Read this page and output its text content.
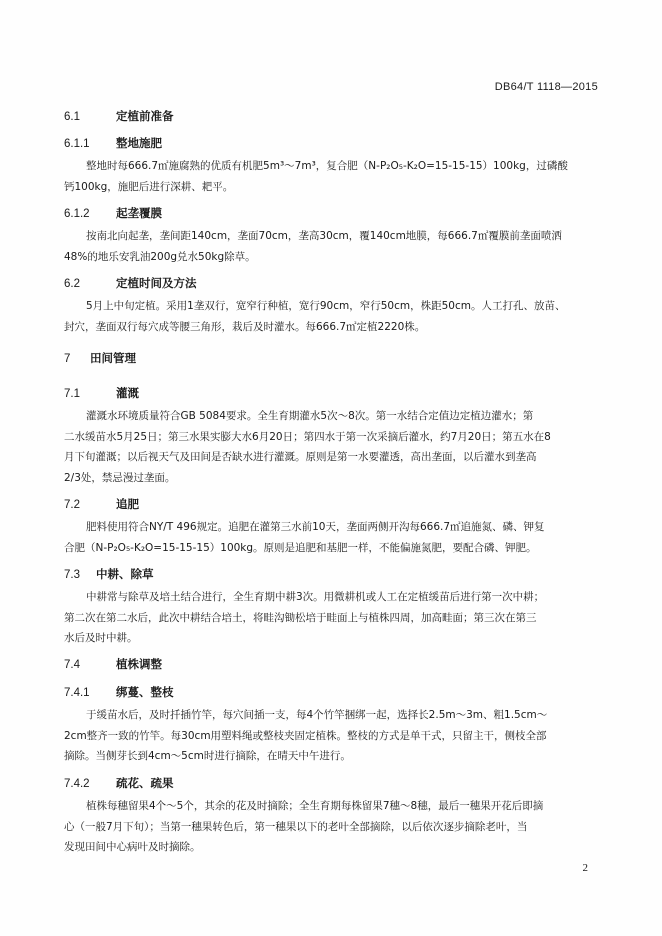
DB64/T 1118—2015
6.1	定植前准备
6.1.1 整地施肥
整地时每666.7㎡施腐熟的优质有机肥5m³～7m³，复合肥（N-P₂O₅-K₂O=15-15-15）100kg，过磷酸
钙100kg，施肥后进行深耕、耙平。
6.1.2 起垄覆膜
按南北向起垄，垄间距140cm，垄面70cm，垄高30cm，覆140cm地膜，每666.7㎡覆膜前垄面喷洒
48%的地乐安乳油200g兑水50kg除草。
6.2	定植时间及方法
5月上中旬定植。采用1垄双行，宽窄行种植，宽行90cm，窄行50cm，株距50cm。人工打孔、放苗、
封穴，垄面双行每穴成等腰三角形，栽后及时灌水。每666.7㎡定植2220株。
7 田间管理
7.1	灌溉
灌溉水环境质量符合GB 5084要求。全生育期灌水5次～8次。第一水结合定值边定植边灌水；第
二水缓苗水5月25日；第三水果实膨大水6月20日；第四水于第一次采摘后灌水，约7月20日；第五水在8
月下旬灌溉；以后视天气及田间是否缺水进行灌溉。原则是第一水要灌透，高出垄面，以后灌水到垄高
2/3处，禁忌漫过垄面。
7.2	追肥
肥料使用符合NY/T 496规定。追肥在灌第三水前10天，垄面两侧开沟每666.7㎡追施氮、磷、钾复
合肥（N-P₂O₅-K₂O=15-15-15）100kg。原则是追肥和基肥一样，不能偏施氮肥，要配合磷、钾肥。
7.3 中耕、除草
中耕常与除草及培土结合进行，全生育期中耕3次。用微耕机或人工在定植缓苗后进行第一次中耕；
第二次在第二水后，此次中耕结合培土，将畦沟锄松培于畦面上与植株四周，加高畦面；第三次在第三
水后及时中耕。
7.4	植株调整
7.4.1 绑蔓、整枝
于缓苗水后，及时扦插竹竿，每穴间插一支，每4个竹竿捆绑一起，选择长2.5m～3m、粗1.5cm～
2cm整齐一致的竹竿。每30cm用塑料绳或整枝夹固定植株。整枝的方式是单干式，只留主干，侧枝全部
摘除。当侧芽长到4cm～5cm时进行摘除，在晴天中午进行。
7.4.2 疏花、疏果
植株每穗留果4个～5个，其余的花及时摘除；全生育期每株留果7穗～8穗，最后一穗果开花后即摘
心（一般7月下旬）；当第一穗果转色后，第一穗果以下的老叶全部摘除，以后依次逐步摘除老叶，当
发现田间中心病叶及时摘除。
2
